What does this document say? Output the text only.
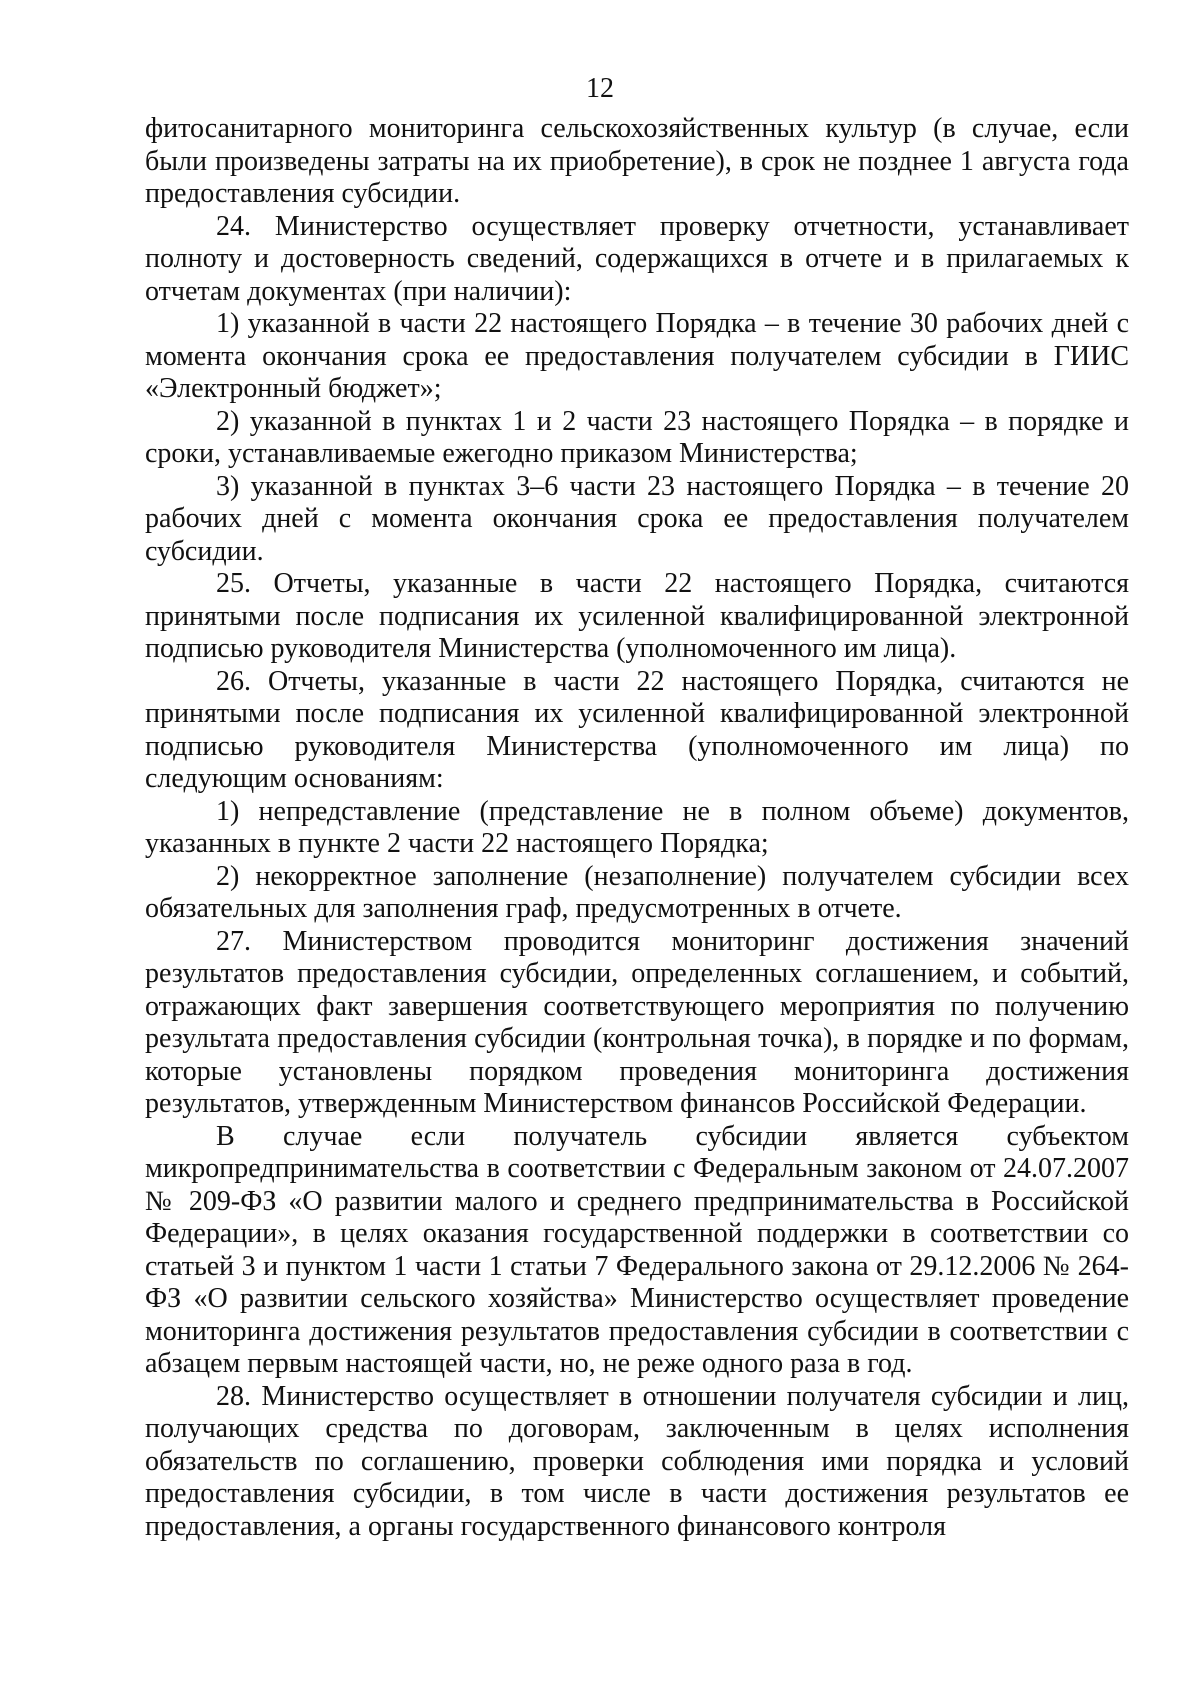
12

фитосанитарного мониторинга сельскохозяйственных культур (в случае, если были произведены затраты на их приобретение), в срок не позднее 1 августа года предоставления субсидии.

24. Министерство осуществляет проверку отчетности, устанавливает полноту и достоверность сведений, содержащихся в отчете и в прилагаемых к отчетам документах (при наличии):

1) указанной в части 22 настоящего Порядка – в течение 30 рабочих дней с момента окончания срока ее предоставления получателем субсидии в ГИИС «Электронный бюджет»;

2) указанной в пунктах 1 и 2 части 23 настоящего Порядка – в порядке и сроки, устанавливаемые ежегодно приказом Министерства;

3) указанной в пунктах 3–6 части 23 настоящего Порядка – в течение 20 рабочих дней с момента окончания срока ее предоставления получателем субсидии.

25. Отчеты, указанные в части 22 настоящего Порядка, считаются принятыми после подписания их усиленной квалифицированной электронной подписью руководителя Министерства (уполномоченного им лица).

26. Отчеты, указанные в части 22 настоящего Порядка, считаются не принятыми после подписания их усиленной квалифицированной электронной подписью руководителя Министерства (уполномоченного им лица) по следующим основаниям:

1) непредставление (представление не в полном объеме) документов, указанных в пункте 2 части 22 настоящего Порядка;

2) некорректное заполнение (незаполнение) получателем субсидии всех обязательных для заполнения граф, предусмотренных в отчете.

27. Министерством проводится мониторинг достижения значений результатов предоставления субсидии, определенных соглашением, и событий, отражающих факт завершения соответствующего мероприятия по получению результата предоставления субсидии (контрольная точка), в порядке и по формам, которые установлены порядком проведения мониторинга достижения результатов, утвержденным Министерством финансов Российской Федерации.

В случае если получатель субсидии является субъектом микропредпринимательства в соответствии с Федеральным законом от 24.07.2007 № 209-ФЗ «О развитии малого и среднего предпринимательства в Российской Федерации», в целях оказания государственной поддержки в соответствии со статьей 3 и пунктом 1 части 1 статьи 7 Федерального закона от 29.12.2006 № 264-ФЗ «О развитии сельского хозяйства» Министерство осуществляет проведение мониторинга достижения результатов предоставления субсидии в соответствии с абзацем первым настоящей части, но, не реже одного раза в год.

28. Министерство осуществляет в отношении получателя субсидии и лиц, получающих средства по договорам, заключенным в целях исполнения обязательств по соглашению, проверки соблюдения ими порядка и условий предоставления субсидии, в том числе в части достижения результатов ее предоставления, а органы государственного финансового контроля
